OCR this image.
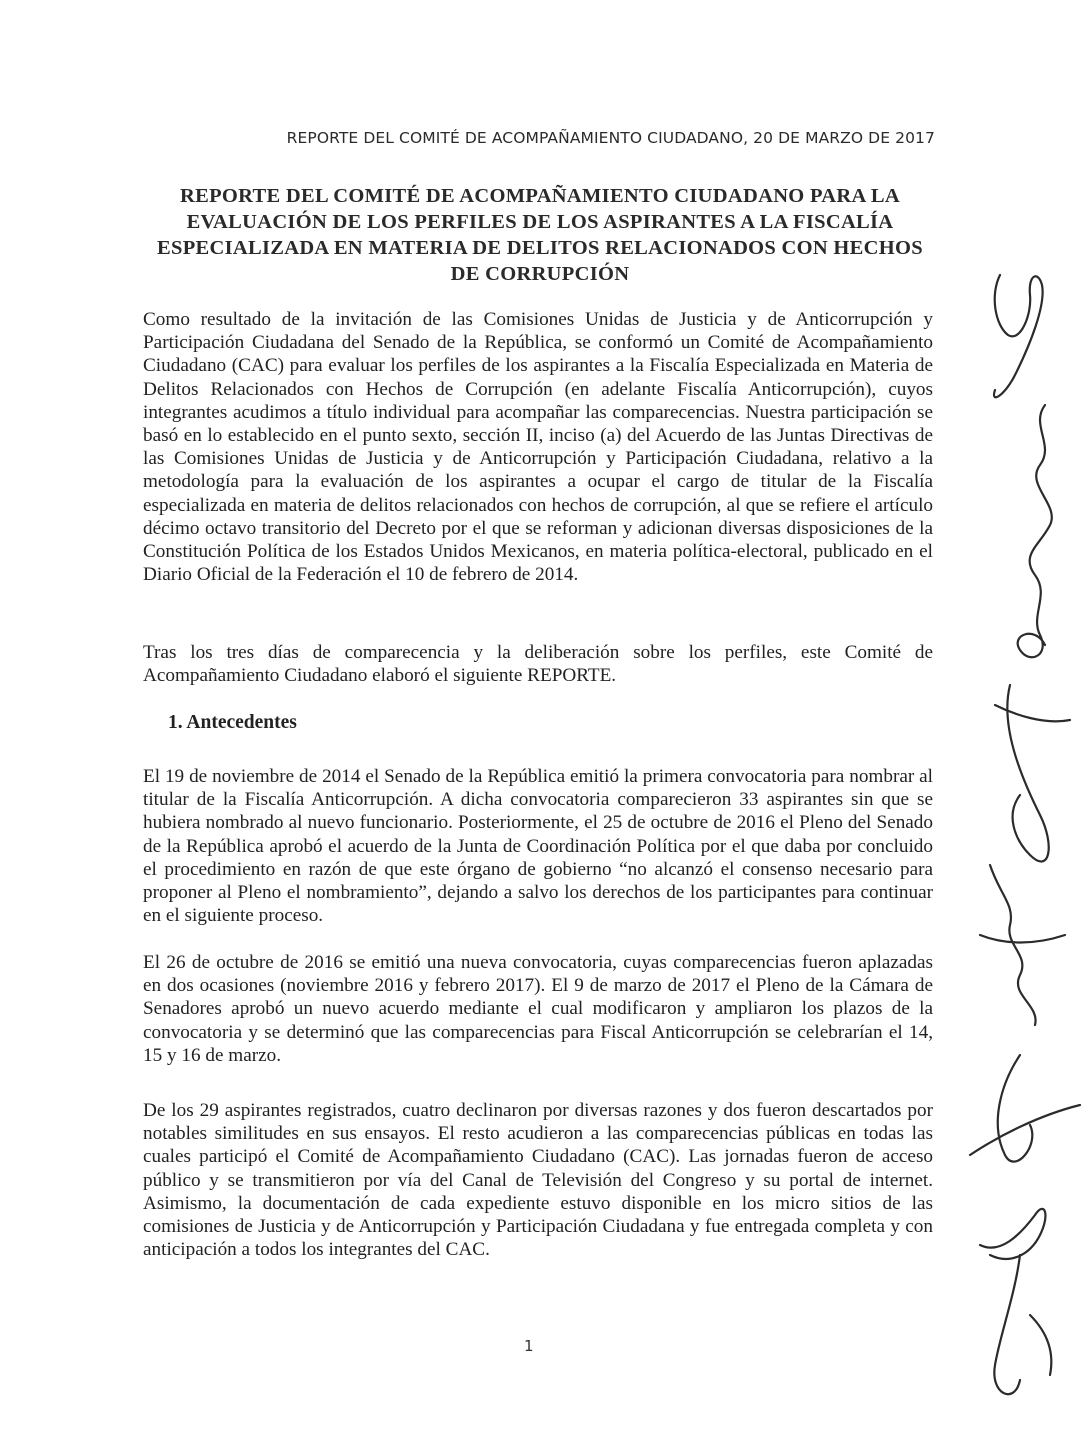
REPORTE DEL COMITÉ DE ACOMPAÑAMIENTO CIUDADANO, 20 DE MARZO DE 2017
REPORTE DEL COMITÉ DE ACOMPAÑAMIENTO CIUDADANO PARA LA
EVALUACIÓN DE LOS PERFILES DE LOS ASPIRANTES A LA FISCALÍA
ESPECIALIZADA EN MATERIA DE DELITOS RELACIONADOS CON HECHOS
DE CORRUPCIÓN

Como resultado de la invitación de las Comisiones Unidas de Justicia y de Anticorrupción y Participación Ciudadana del Senado de la República, se conformó un Comité de Acompañamiento Ciudadano (CAC) para evaluar los perfiles de los aspirantes a la Fiscalía Especializada en Materia de Delitos Relacionados con Hechos de Corrupción (en adelante Fiscalía Anticorrupción), cuyos integrantes acudimos a título individual para acompañar las comparecencias. Nuestra participación se basó en lo establecido en el punto sexto, sección II, inciso (a) del Acuerdo de las Juntas Directivas de las Comisiones Unidas de Justicia y de Anticorrupción y Participación Ciudadana, relativo a la metodología para la evaluación de los aspirantes a ocupar el cargo de titular de la Fiscalía especializada en materia de delitos relacionados con hechos de corrupción, al que se refiere el artículo décimo octavo transitorio del Decreto por el que se reforman y adicionan diversas disposiciones de la Constitución Política de los Estados Unidos Mexicanos, en materia política-electoral, publicado en el Diario Oficial de la Federación el 10 de febrero de 2014.

Tras los tres días de comparecencia y la deliberación sobre los perfiles, este Comité de Acompañamiento Ciudadano elaboró el siguiente REPORTE.

1. Antecedentes

El 19 de noviembre de 2014 el Senado de la República emitió la primera convocatoria para nombrar al titular de la Fiscalía Anticorrupción. A dicha convocatoria comparecieron 33 aspirantes sin que se hubiera nombrado al nuevo funcionario. Posteriormente, el 25 de octubre de 2016 el Pleno del Senado de la República aprobó el acuerdo de la Junta de Coordinación Política por el que daba por concluido el procedimiento en razón de que este órgano de gobierno “no alcanzó el consenso necesario para proponer al Pleno el nombramiento”, dejando a salvo los derechos de los participantes para continuar en el siguiente proceso.

El 26 de octubre de 2016 se emitió una nueva convocatoria, cuyas comparecencias fueron aplazadas en dos ocasiones (noviembre 2016 y febrero 2017). El 9 de marzo de 2017 el Pleno de la Cámara de Senadores aprobó un nuevo acuerdo mediante el cual modificaron y ampliaron los plazos de la convocatoria y se determinó que las comparecencias para Fiscal Anticorrupción se celebrarían el 14, 15 y 16 de marzo.

De los 29 aspirantes registrados, cuatro declinaron por diversas razones y dos fueron descartados por notables similitudes en sus ensayos. El resto acudieron a las comparecencias públicas en todas las cuales participó el Comité de Acompañamiento Ciudadano (CAC). Las jornadas fueron de acceso público y se transmitieron por vía del Canal de Televisión del Congreso y su portal de internet. Asimismo, la documentación de cada expediente estuvo disponible en los micro sitios de las comisiones de Justicia y de Anticorrupción y Participación Ciudadana y fue entregada completa y con anticipación a todos los integrantes del CAC.

1
